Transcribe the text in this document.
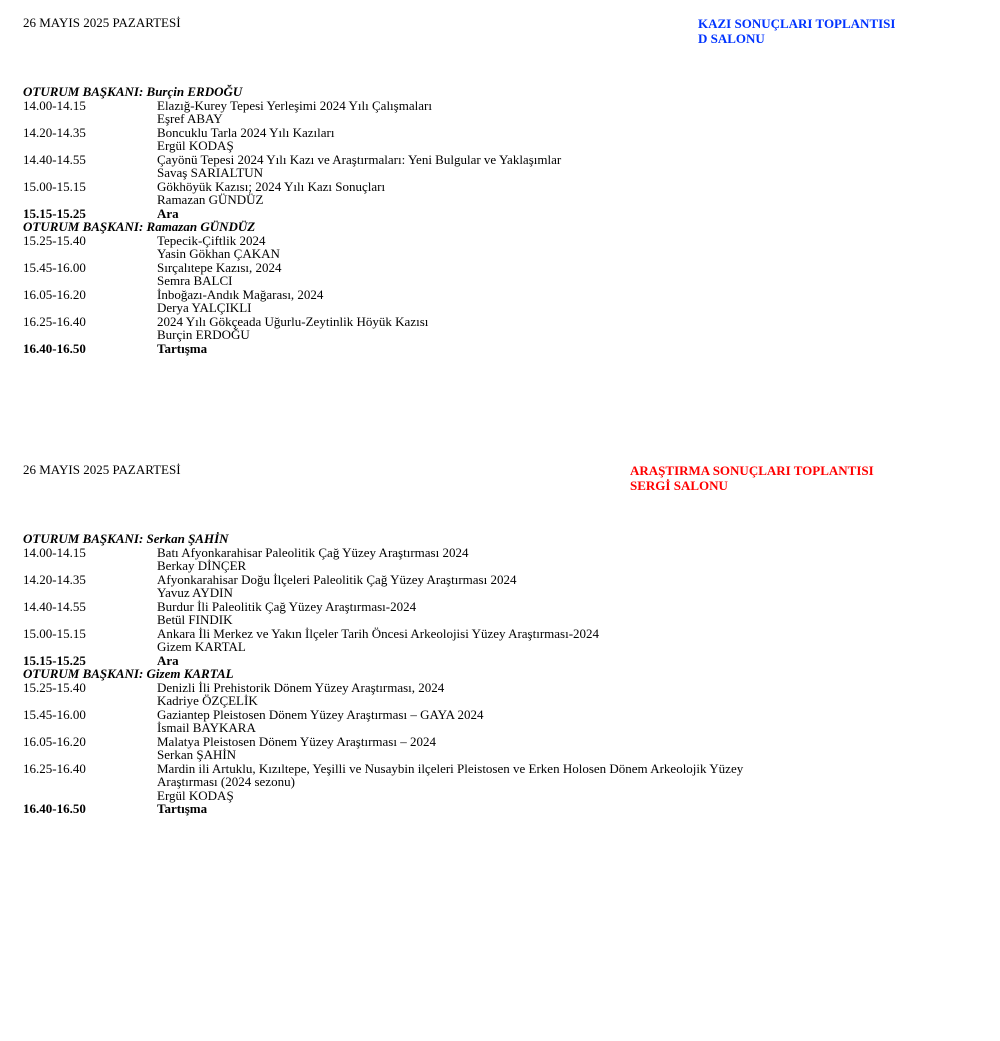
26 MAYIS 2025 PAZARTESİ	KAZI SONUÇLARI TOPLANTISI
D SALONU
OTURUM BAŞKANI: Burçin ERDOĞU
14.00-14.15	Elazığ-Kurey Tepesi Yerleşimi 2024 Yılı Çalışmaları
Eşref ABAY
14.20-14.35	Boncuklu Tarla 2024 Yılı Kazıları
Ergül KODAŞ
14.40-14.55	Çayönü Tepesi 2024 Yılı Kazı ve Araştırmaları: Yeni Bulgular ve Yaklaşımlar
Savaş SARIALTUN
15.00-15.15	Gökhöyük Kazısı; 2024 Yılı Kazı Sonuçları
Ramazan GÜNDÜZ
15.15-15.25	Ara
OTURUM BAŞKANI: Ramazan GÜNDÜZ
15.25-15.40	Tepecik-Çiftlik 2024
Yasin Gökhan ÇAKAN
15.45-16.00	Sırçalıtepe Kazısı, 2024
Semra BALCI
16.05-16.20	İnboğazı-Andık Mağarası, 2024
Derya YALÇIKLI
16.25-16.40	2024 Yılı Gökçeada Uğurlu-Zeytinlik Höyük Kazısı
Burçin ERDOĞU
16.40-16.50	Tartışma
26 MAYIS 2025 PAZARTESİ	ARAŞTIRMA SONUÇLARI TOPLANTISI
SERGİ SALONU
OTURUM BAŞKANI: Serkan ŞAHİN
14.00-14.15	Batı Afyonkarahisar Paleolitik Çağ Yüzey Araştırması 2024
Berkay DİNÇER
14.20-14.35	Afyonkarahisar Doğu İlçeleri Paleolitik Çağ Yüzey Araştırması 2024
Yavuz AYDIN
14.40-14.55	Burdur İli Paleolitik Çağ Yüzey Araştırması-2024
Betül FINDIK
15.00-15.15	Ankara İli Merkez ve Yakın İlçeler Tarih Öncesi Arkeolojisi Yüzey Araştırması-2024
Gizem KARTAL
15.15-15.25	Ara
OTURUM BAŞKANI: Gizem KARTAL
15.25-15.40	Denizli İli Prehistorik Dönem Yüzey Araştırması, 2024
Kadriye ÖZÇELİK
15.45-16.00	Gaziantep Pleistosen Dönem Yüzey Araştırması – GAYA 2024
İsmail BAYKARA
16.05-16.20	Malatya Pleistosen Dönem Yüzey Araştırması – 2024
Serkan ŞAHİN
16.25-16.40	Mardin ili Artuklu, Kızıltepe, Yeşilli ve Nusaybin ilçeleri Pleistosen ve Erken Holosen Dönem Arkeolojik Yüzey
Araştırması (2024 sezonu)
Ergül KODAŞ
16.40-16.50	Tartışma
